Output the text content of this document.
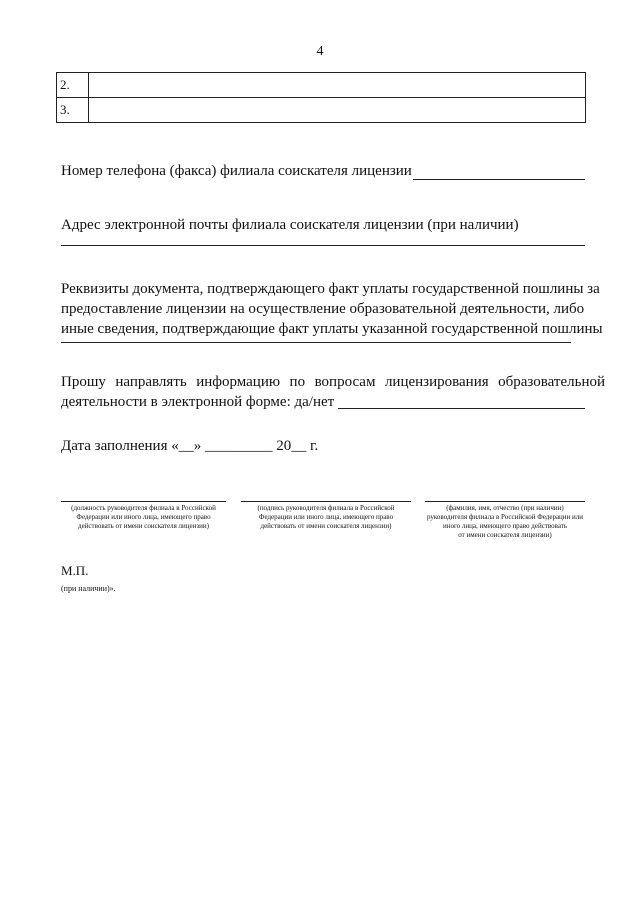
4
2.	
3.	
Номер телефона (факса) филиала соискателя лицензии
Адрес электронной почты филиала соискателя лицензии (при наличии)
Реквизиты документа, подтверждающего факт уплаты государственной пошлины за
предоставление лицензии на осуществление образовательной деятельности, либо
иные сведения, подтверждающие факт уплаты указанной государственной пошлины
Прошу направлять информацию по вопросам лицензирования образовательной
деятельности в электронной форме: да/нет
Дата заполнения «__» _________ 20__ г.
(должность руководителя филиала в Российской
Федерации или иного лица, имеющего право
действовать от имени соискателя лицензии)
(подпись руководителя филиала в Российской
Федерации или иного лица, имеющего право
действовать от имени соискателя лицензии)
(фамилия, имя, отчество (при наличии)
руководителя филиала в Российской Федерации или
иного лица, имеющего право действовать
от имени соискателя лицензии)
М.П.
(при наличии)».
